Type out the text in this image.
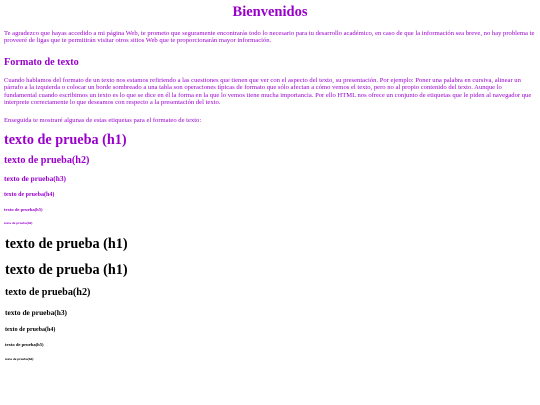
Bienvenidos

Te agradezco que hayas accedido a mi página Web, te prometo que seguramente encontrarás todo lo necesario para tu desarrollo académico, en caso de que la información sea breve, no hay problema te proveeré de ligas que te permitirán visitar otros sitios Web que te proporcionarán mayor información.

Formato de texto

Cuando hablamos del formato de un texto nos estamos refiriendo a las cuestiones que tienen que ver con el aspecto del texto, su presentación. Por ejemplo: Poner una palabra en cursiva, alinear un párrafo a la izquierda o colocar un borde sombreado a una tabla son operaciones típicas de formato que sólo afectan a cómo vemos el texto, pero no al propio contenido del texto. Aunque lo fundamental cuando escribimos un texto es lo que se dice en él la forma en la que lo vemos tiene mucha importancia. Por ello HTML nos ofrece un conjunto de etiquetas que le piden al navegador que interprete correctamente lo que deseamos con respecto a la presentación del texto.

Enseguida te mostraré algunas de estas etiquetas para el formateo de texto:

texto de prueba (h1)
texto de prueba(h2)
texto de prueba(h3)
texto de prueba(h4)
texto de prueba(h5)
texto de prueba(h6)
texto de prueba (h1)
texto de prueba (h1)
texto de prueba(h2)
texto de prueba(h3)
texto de prueba(h4)
texto de prueba(h5)
texto de prueba(h6)
